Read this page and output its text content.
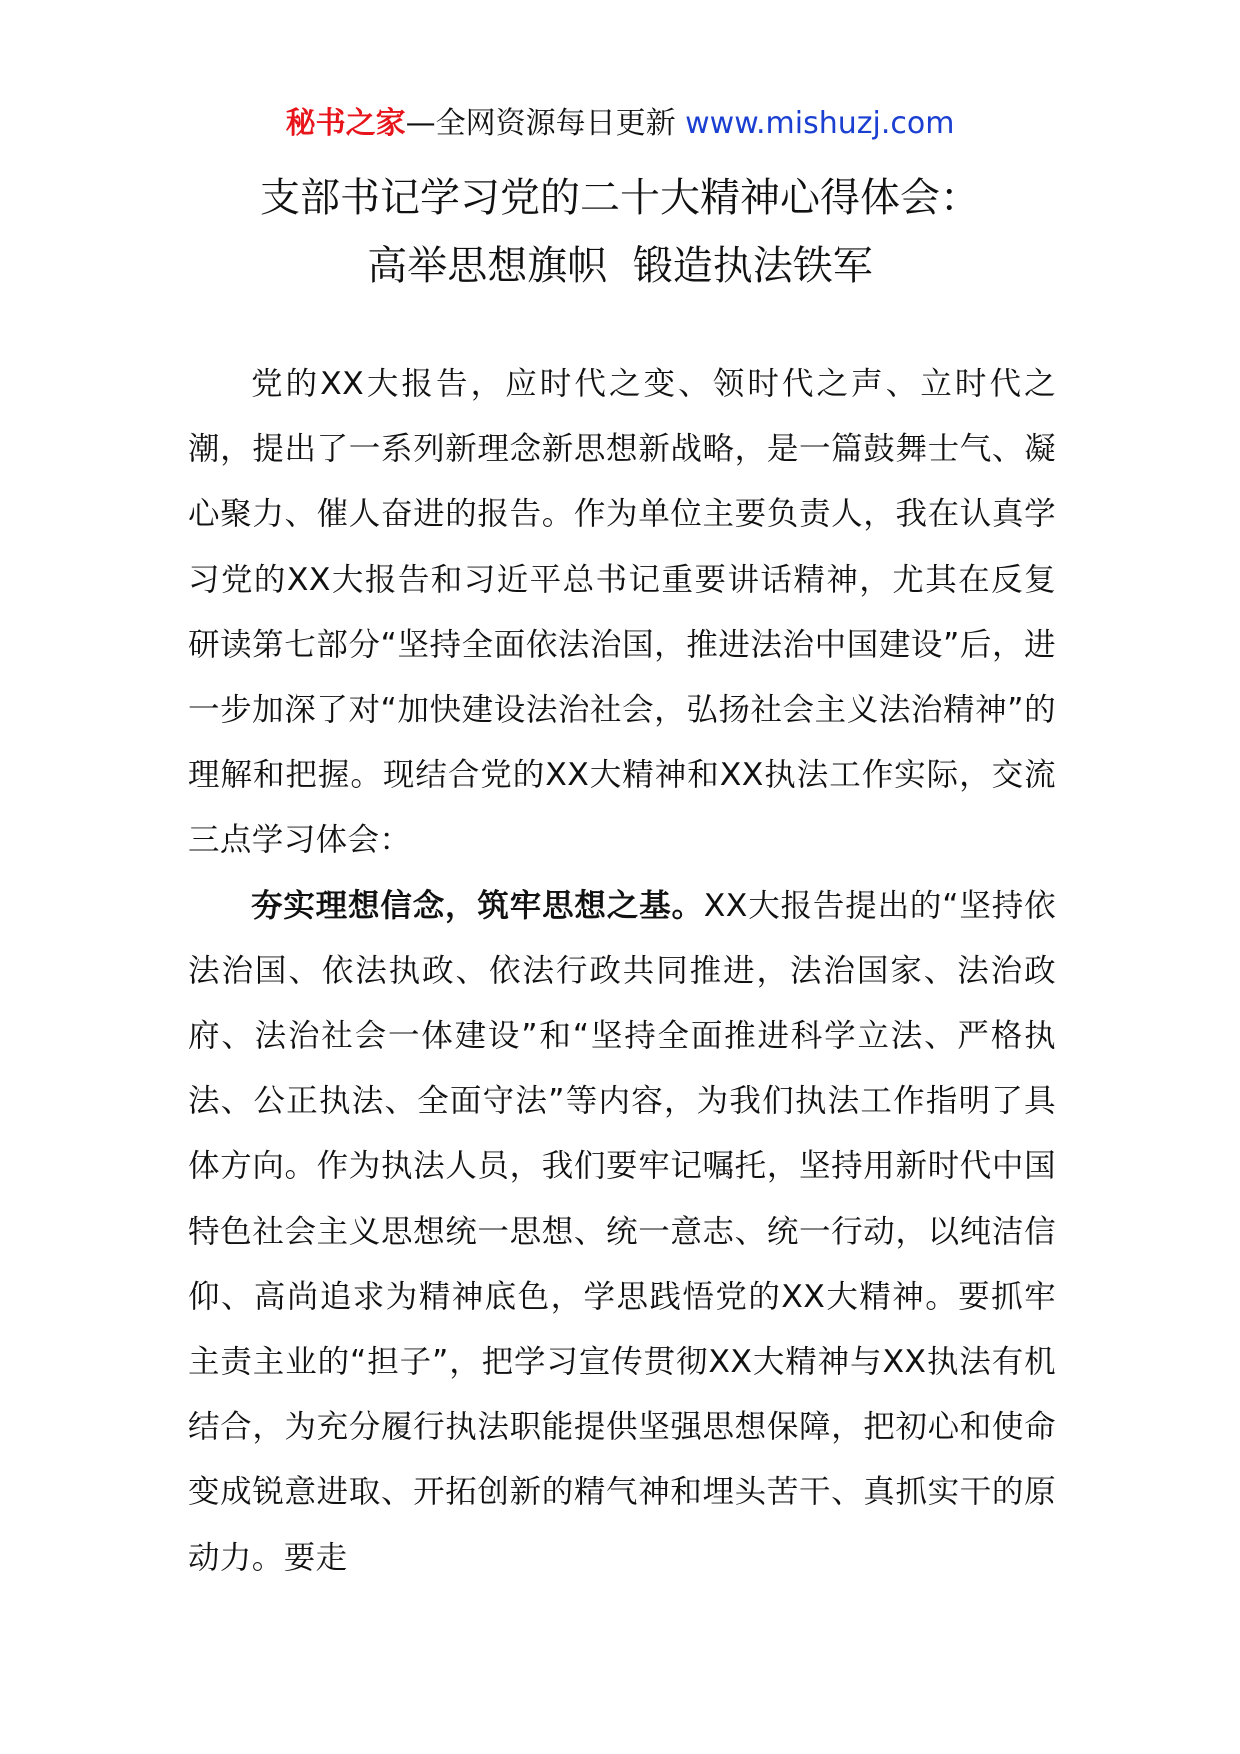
秘书之家—全网资源每日更新 www.mishuzj.com
支部书记学习党的二十大精神心得体会：
高举思想旗帜  锻造执法铁军

党的XX大报告，应时代之变、领时代之声、立时代之潮，提出了一系列新理念新思想新战略，是一篇鼓舞士气、凝心聚力、催人奋进的报告。作为单位主要负责人，我在认真学习党的XX大报告和习近平总书记重要讲话精神，尤其在反复研读第七部分“坚持全面依法治国，推进法治中国建设”后，进一步加深了对“加快建设法治社会，弘扬社会主义法治精神”的理解和把握。现结合党的XX大精神和XX执法工作实际，交流三点学习体会：

夯实理想信念，筑牢思想之基。XX大报告提出的“坚持依法治国、依法执政、依法行政共同推进，法治国家、法治政府、法治社会一体建设”和“坚持全面推进科学立法、严格执法、公正执法、全面守法”等内容，为我们执法工作指明了具体方向。作为执法人员，我们要牢记嘱托，坚持用新时代中国特色社会主义思想统一思想、统一意志、统一行动，以纯洁信仰、高尚追求为精神底色，学思践悟党的XX大精神。要抓牢主责主业的“担子”，把学习宣传贯彻XX大精神与XX执法有机结合，为充分履行执法职能提供坚强思想保障，把初心和使命变成锐意进取、开拓创新的精气神和埋头苦干、真抓实干的原动力。要走
